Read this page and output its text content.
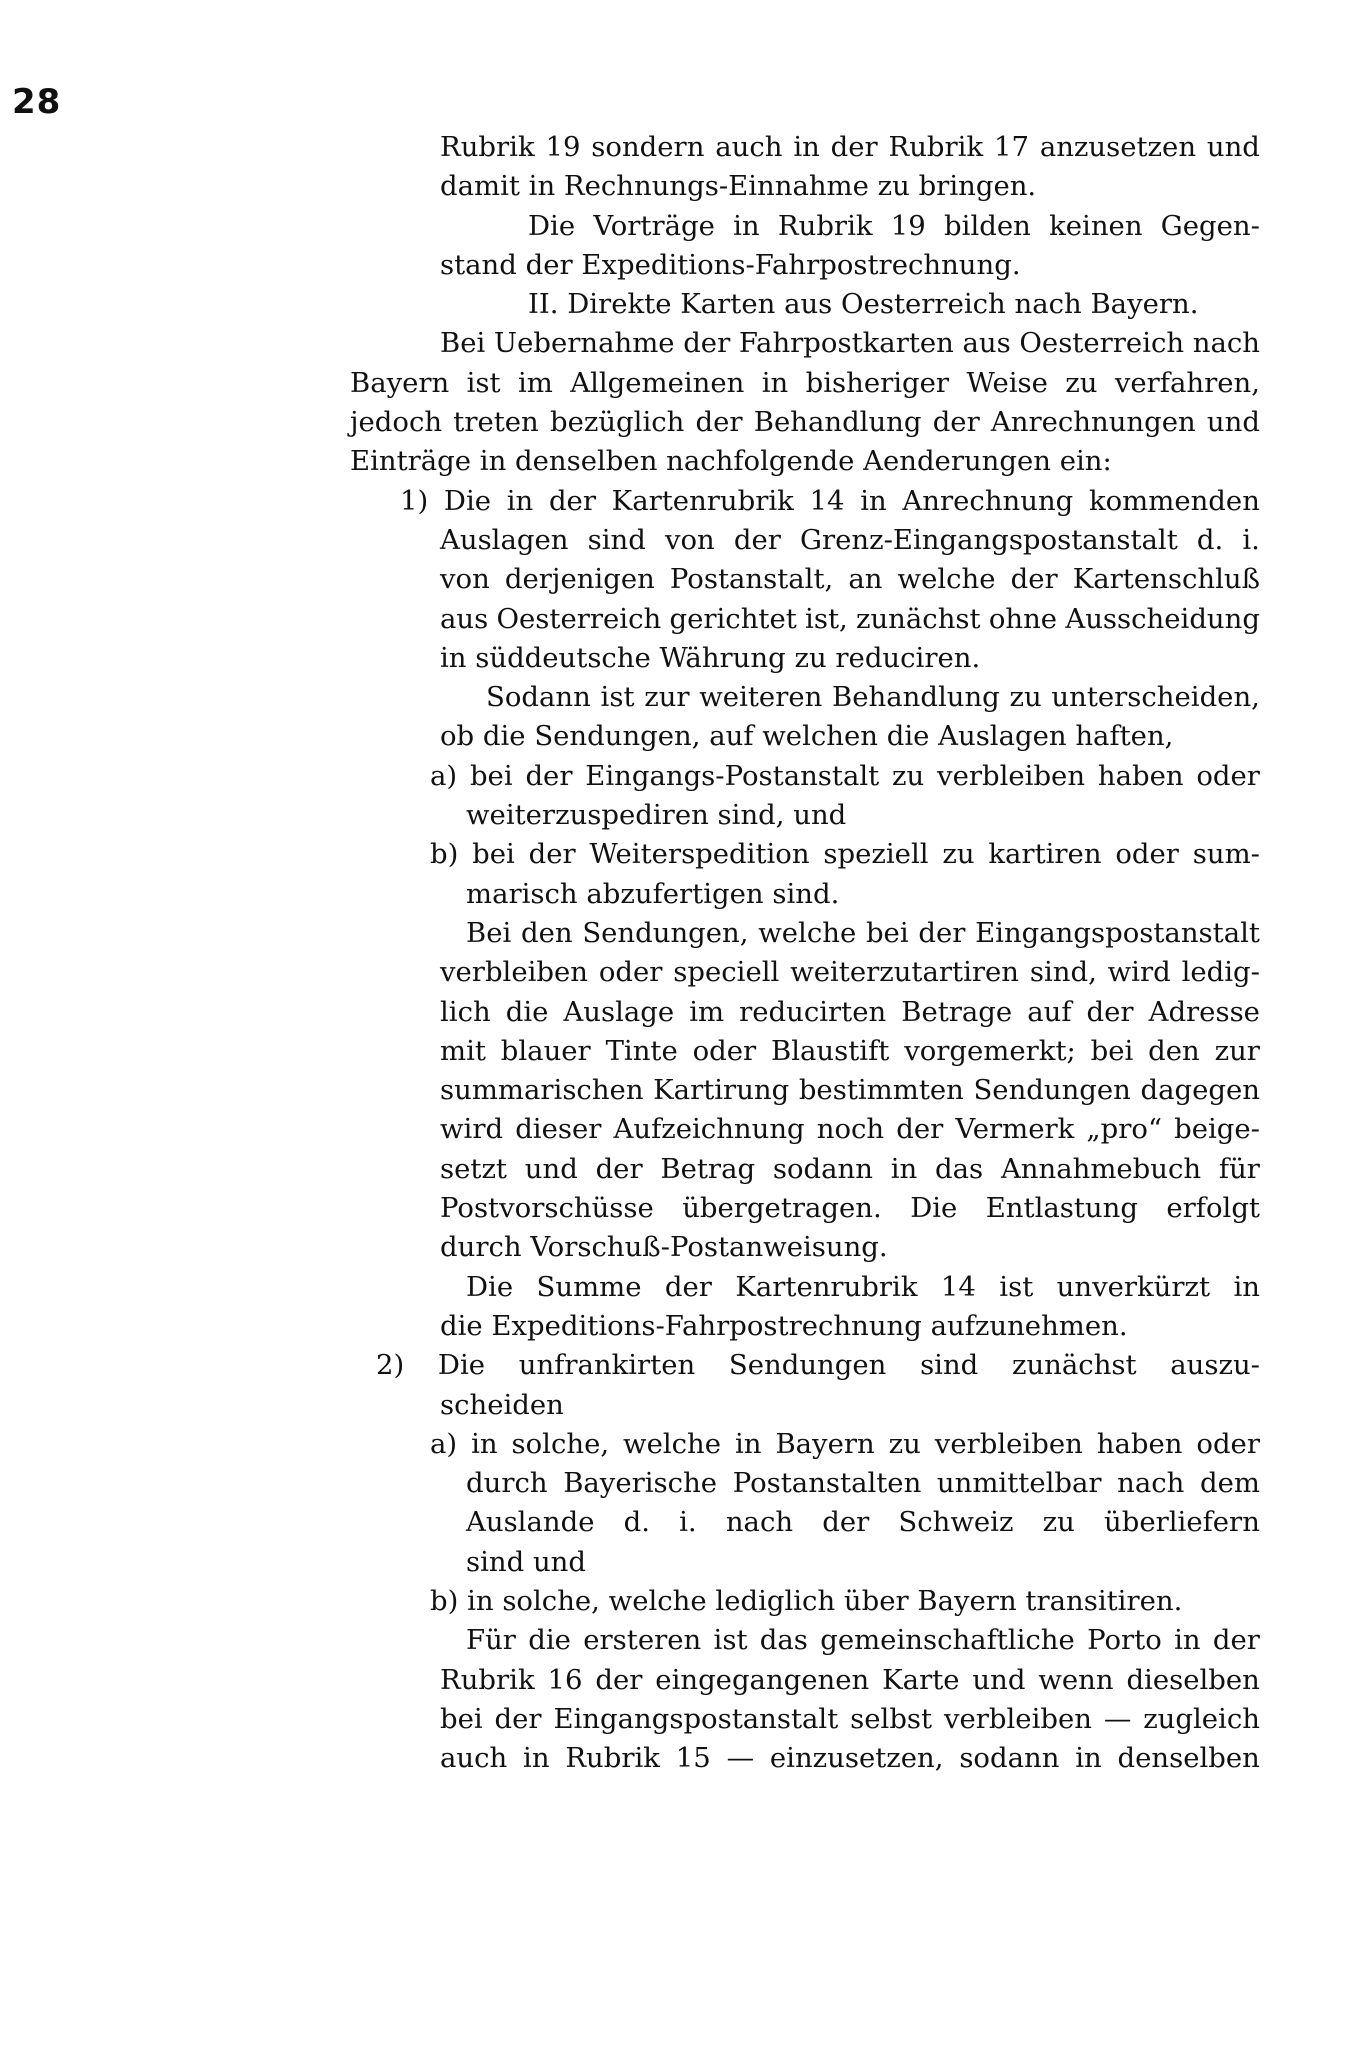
28
Rubrik 19 sondern auch in der Rubrik 17 anzusetzen und
damit in Rechnungs-Einnahme zu bringen.
Die Vorträge in Rubrik 19 bilden keinen Gegen-
stand der Expeditions-Fahrpostrechnung.
II. Direkte Karten aus Oesterreich nach Bayern.
Bei Uebernahme der Fahrpostkarten aus Oesterreich nach
Bayern ist im Allgemeinen in bisheriger Weise zu verfahren,
jedoch treten bezüglich der Behandlung der Anrechnungen und
Einträge in denselben nachfolgende Aenderungen ein:
1) Die in der Kartenrubrik 14 in Anrechnung kommenden
Auslagen sind von der Grenz-Eingangspostanstalt d. i.
von derjenigen Postanstalt, an welche der Kartenschluß
aus Oesterreich gerichtet ist, zunächst ohne Ausscheidung
in süddeutsche Währung zu reduciren.
Sodann ist zur weiteren Behandlung zu unterscheiden,
ob die Sendungen, auf welchen die Auslagen haften,
a) bei der Eingangs-Postanstalt zu verbleiben haben oder
weiterzuspediren sind, und
b) bei der Weiterspedition speziell zu kartiren oder sum-
marisch abzufertigen sind.
Bei den Sendungen, welche bei der Eingangspostanstalt
verbleiben oder speciell weiterzutartiren sind, wird ledig-
lich die Auslage im reducirten Betrage auf der Adresse
mit blauer Tinte oder Blaustift vorgemerkt; bei den zur
summarischen Kartirung bestimmten Sendungen dagegen
wird dieser Aufzeichnung noch der Vermerk „pro“ beige-
setzt und der Betrag sodann in das Annahmebuch für
Postvorschüsse übergetragen. Die Entlastung erfolgt
durch Vorschuß-Postanweisung.
Die Summe der Kartenrubrik 14 ist unverkürzt in
die Expeditions-Fahrpostrechnung aufzunehmen.
2) Die unfrankirten Sendungen sind zunächst auszu-
scheiden
a) in solche, welche in Bayern zu verbleiben haben oder
durch Bayerische Postanstalten unmittelbar nach dem
Auslande d. i. nach der Schweiz zu überliefern
sind und
b) in solche, welche lediglich über Bayern transitiren.
Für die ersteren ist das gemeinschaftliche Porto in der
Rubrik 16 der eingegangenen Karte und wenn dieselben
bei der Eingangspostanstalt selbst verbleiben — zugleich
auch in Rubrik 15 — einzusetzen, sodann in denselben
